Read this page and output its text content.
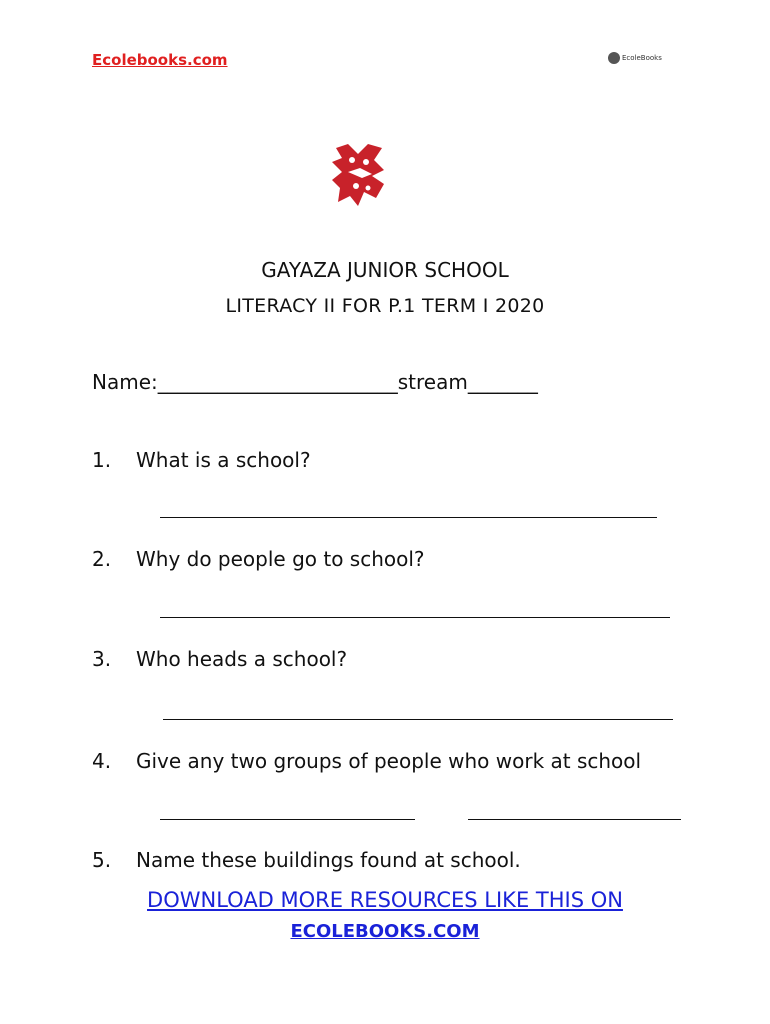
Ecolebooks.com	EcoleBooks
GAYAZA JUNIOR SCHOOL
LITERACY II FOR P.1 TERM I 2020
Name:________________________stream_______
1. What is a school?
2. Why do people go to school?
3. Who heads a school?
4. Give any two groups of people who work at school
5. Name these buildings found at school.
DOWNLOAD MORE RESOURCES LIKE THIS ON
ECOLEBOOKS.COM
